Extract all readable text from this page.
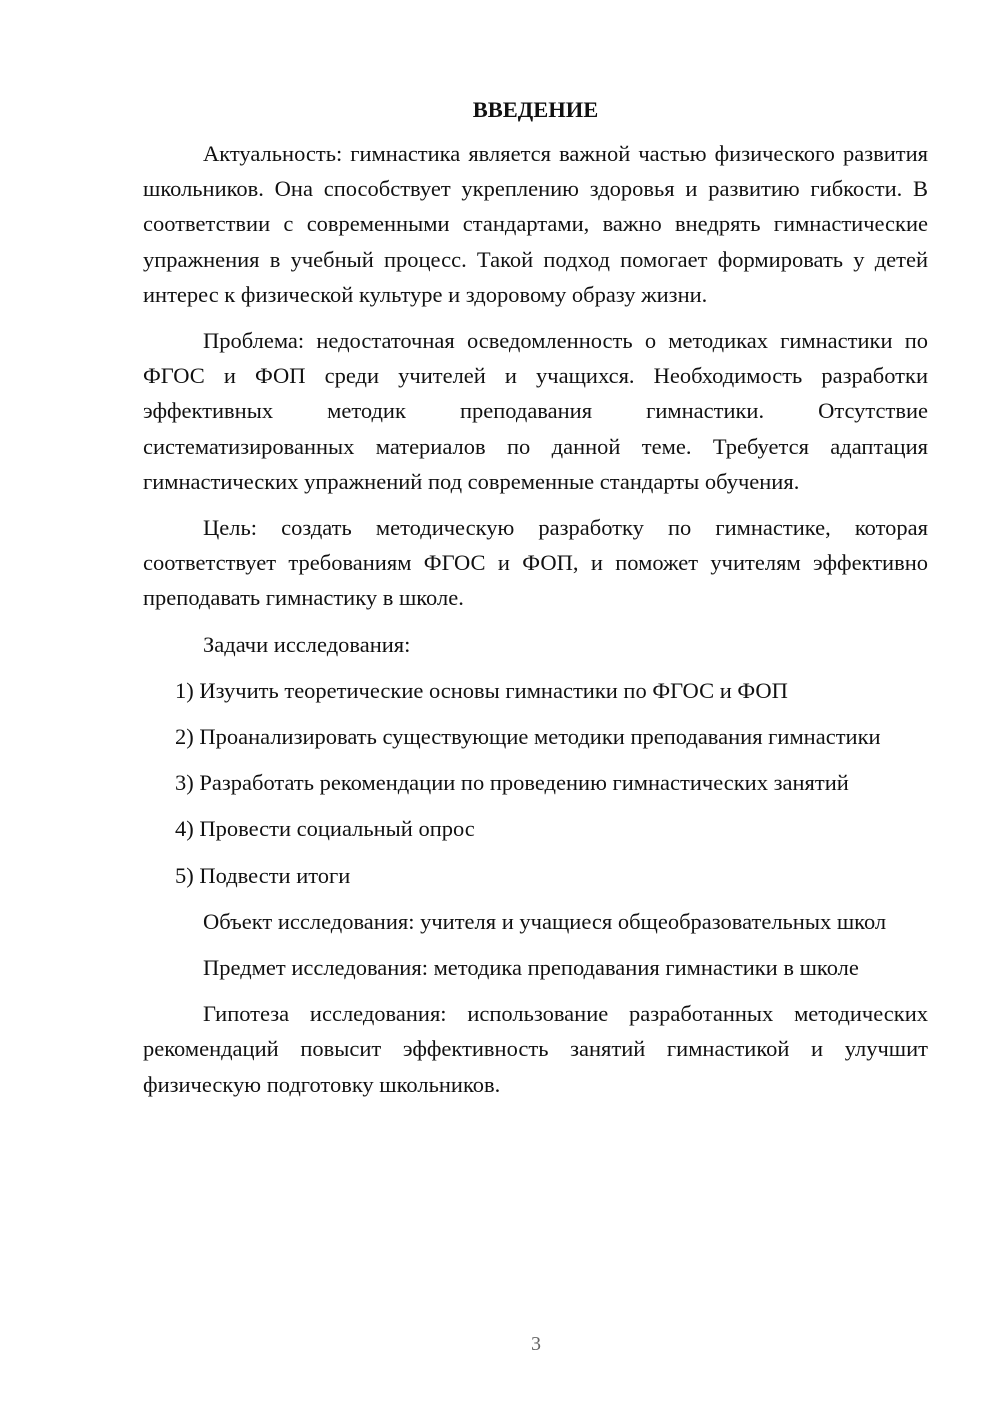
ВВЕДЕНИЕ

Актуальность: гимнастика является важной частью физического развития школьников. Она способствует укреплению здоровья и развитию гибкости. В соответствии с современными стандартами, важно внедрять гимнастические упражнения в учебный процесс. Такой подход помогает формировать у детей интерес к физической культуре и здоровому образу жизни.

Проблема: недостаточная осведомленность о методиках гимнастики по ФГОС и ФОП среди учителей и учащихся. Необходимость разработки эффективных методик преподавания гимнастики. Отсутствие систематизированных материалов по данной теме. Требуется адаптация гимнастических упражнений под современные стандарты обучения.

Цель: создать методическую разработку по гимнастике, которая соответствует требованиям ФГОС и ФОП, и поможет учителям эффективно преподавать гимнастику в школе.

Задачи исследования:

1) Изучить теоретические основы гимнастики по ФГОС и ФОП

2) Проанализировать существующие методики преподавания гимнастики

3) Разработать рекомендации по проведению гимнастических занятий

4) Провести социальный опрос

5) Подвести итоги

Объект исследования: учителя и учащиеся общеобразовательных школ

Предмет исследования: методика преподавания гимнастики в школе

Гипотеза исследования: использование разработанных методических рекомендаций повысит эффективность занятий гимнастикой и улучшит физическую подготовку школьников.

3
